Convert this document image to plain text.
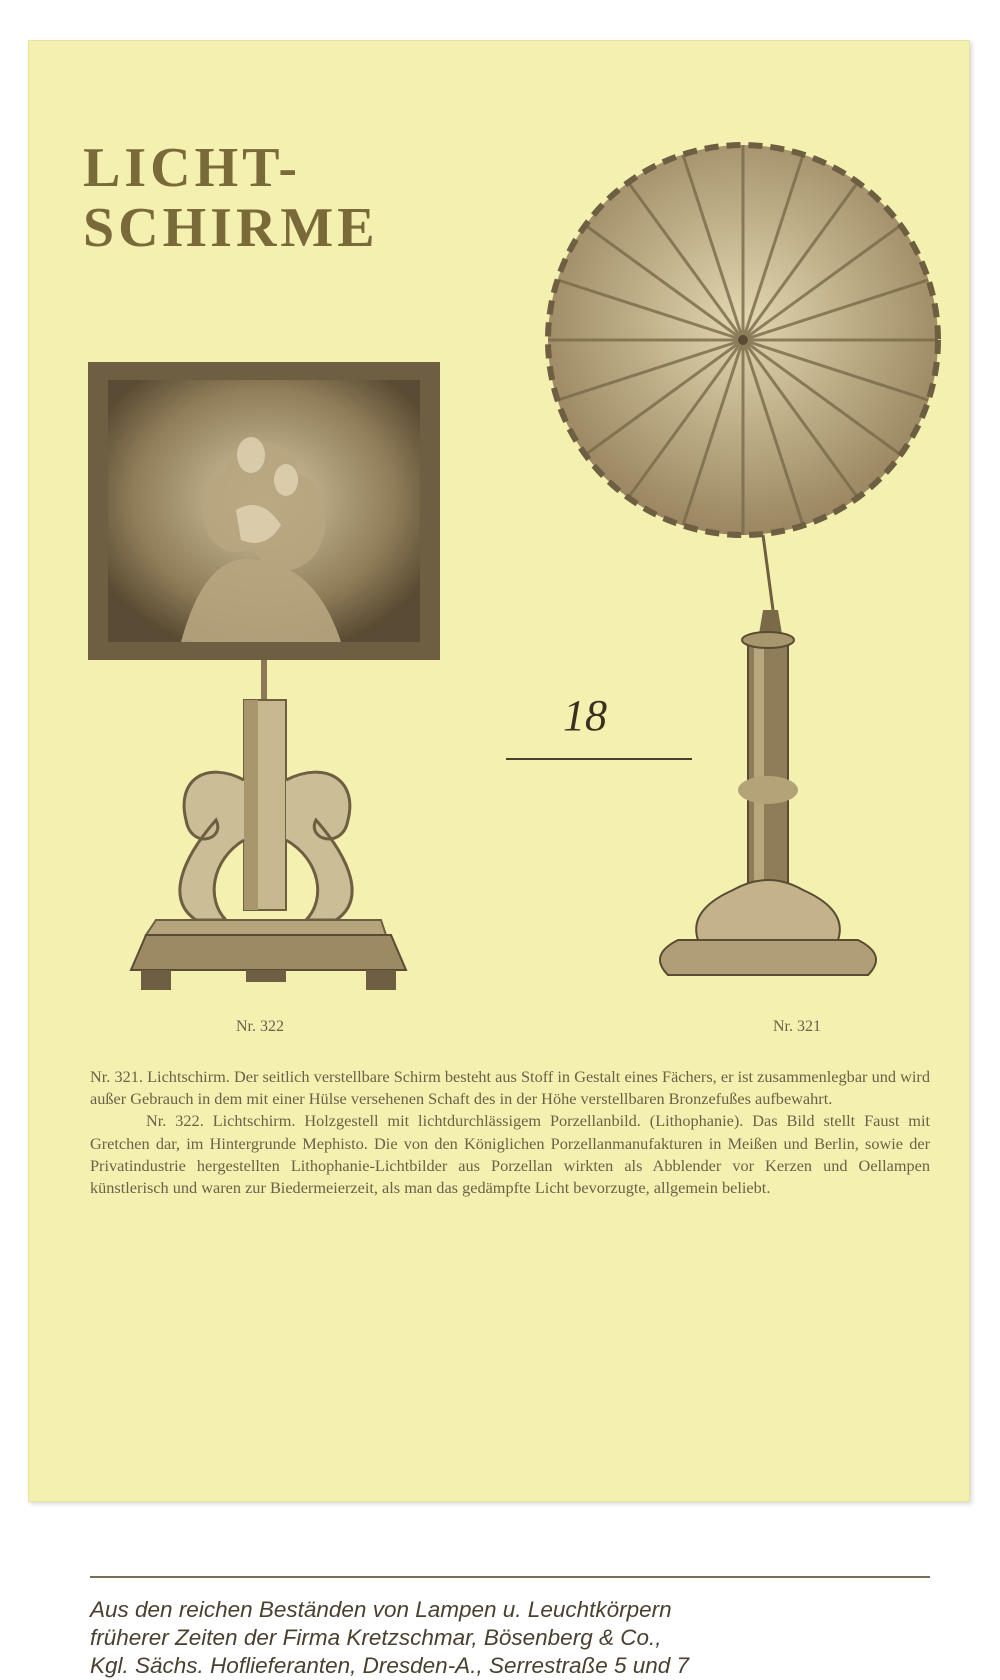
LICHT-
SCHIRME
Nr. 322	Nr. 321
18

Nr. 321. Lichtschirm. Der seitlich verstellbare Schirm besteht aus Stoff in Gestalt eines Fächers, er ist zusammenlegbar und wird außer Gebrauch in dem mit einer Hülse versehenen Schaft des in der Höhe verstellbaren Bronzefußes aufbewahrt.

Nr. 322. Lichtschirm. Holzgestell mit lichtdurchlässigem Porzellanbild. (Lithophanie). Das Bild stellt Faust mit Gretchen dar, im Hintergrunde Mephisto. Die von den Königlichen Porzellanmanufakturen in Meißen und Berlin, sowie der Privatindustrie hergestellten Lithophanie-Lichtbilder aus Porzellan wirkten als Abblender vor Kerzen und Oellampen künstlerisch und waren zur Biedermeierzeit, als man das gedämpfte Licht bevorzugte, allgemein beliebt.

Aus den reichen Beständen von Lampen u. Leuchtkörpern
früherer Zeiten der Firma Kretzschmar, Bösenberg & Co.,
Kgl. Sächs. Hoflieferanten, Dresden-A., Serrestraße 5 und 7
